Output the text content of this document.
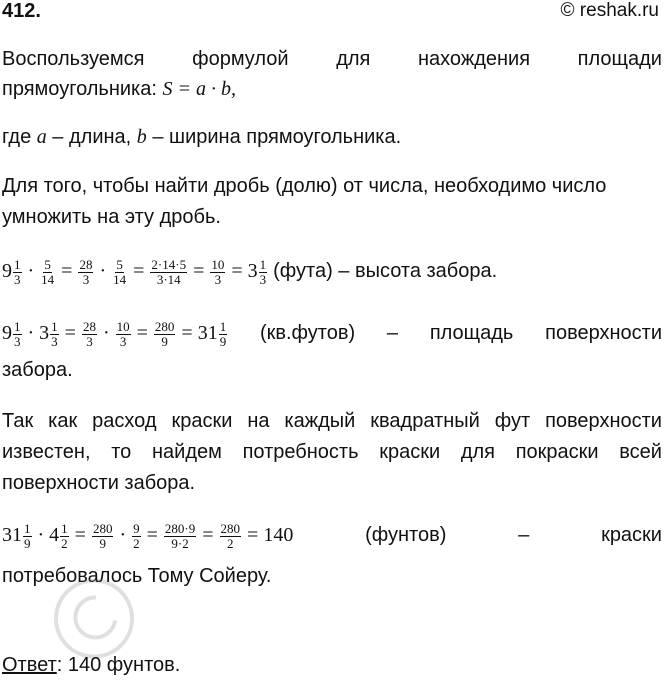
412.	© reshak.ru
Воспользуемся формулой для нахождения площади
прямоугольника: S = a · b,
где a – длина, b – ширина прямоугольника.
Для того, чтобы найти дробь (долю) от числа, необходимо число
умножить на эту дробь.
$9 \frac{1}{3} \cdot \frac{5}{14} = \frac{28}{3} \cdot \frac{5}{14} = \frac{2\cdot 14\cdot 5}{3\cdot 14} = \frac{10}{3} = 3 \frac{1}{3}$ (фута) – высота забора.
$9 \frac{1}{3} \cdot 3 \frac{1}{3} = \frac{28}{3} \cdot \frac{10}{3} = \frac{280}{9} = 31 \frac{1}{9}$ (кв.футов) – площадь поверхности
забора.
Так как расход краски на каждый квадратный фут поверхности
известен, то найдем потребность краски для покраски всей
поверхности забора.
$31 \frac{1}{9} \cdot 4 \frac{1}{2} = \frac{280}{9} \cdot \frac{9}{2} = \frac{280\cdot 9}{9\cdot 2} = \frac{280}{2} = 140$	(фунтов)	–	краски
потребовалось Тому Сойеру.
Ответ: 140 фунтов.
